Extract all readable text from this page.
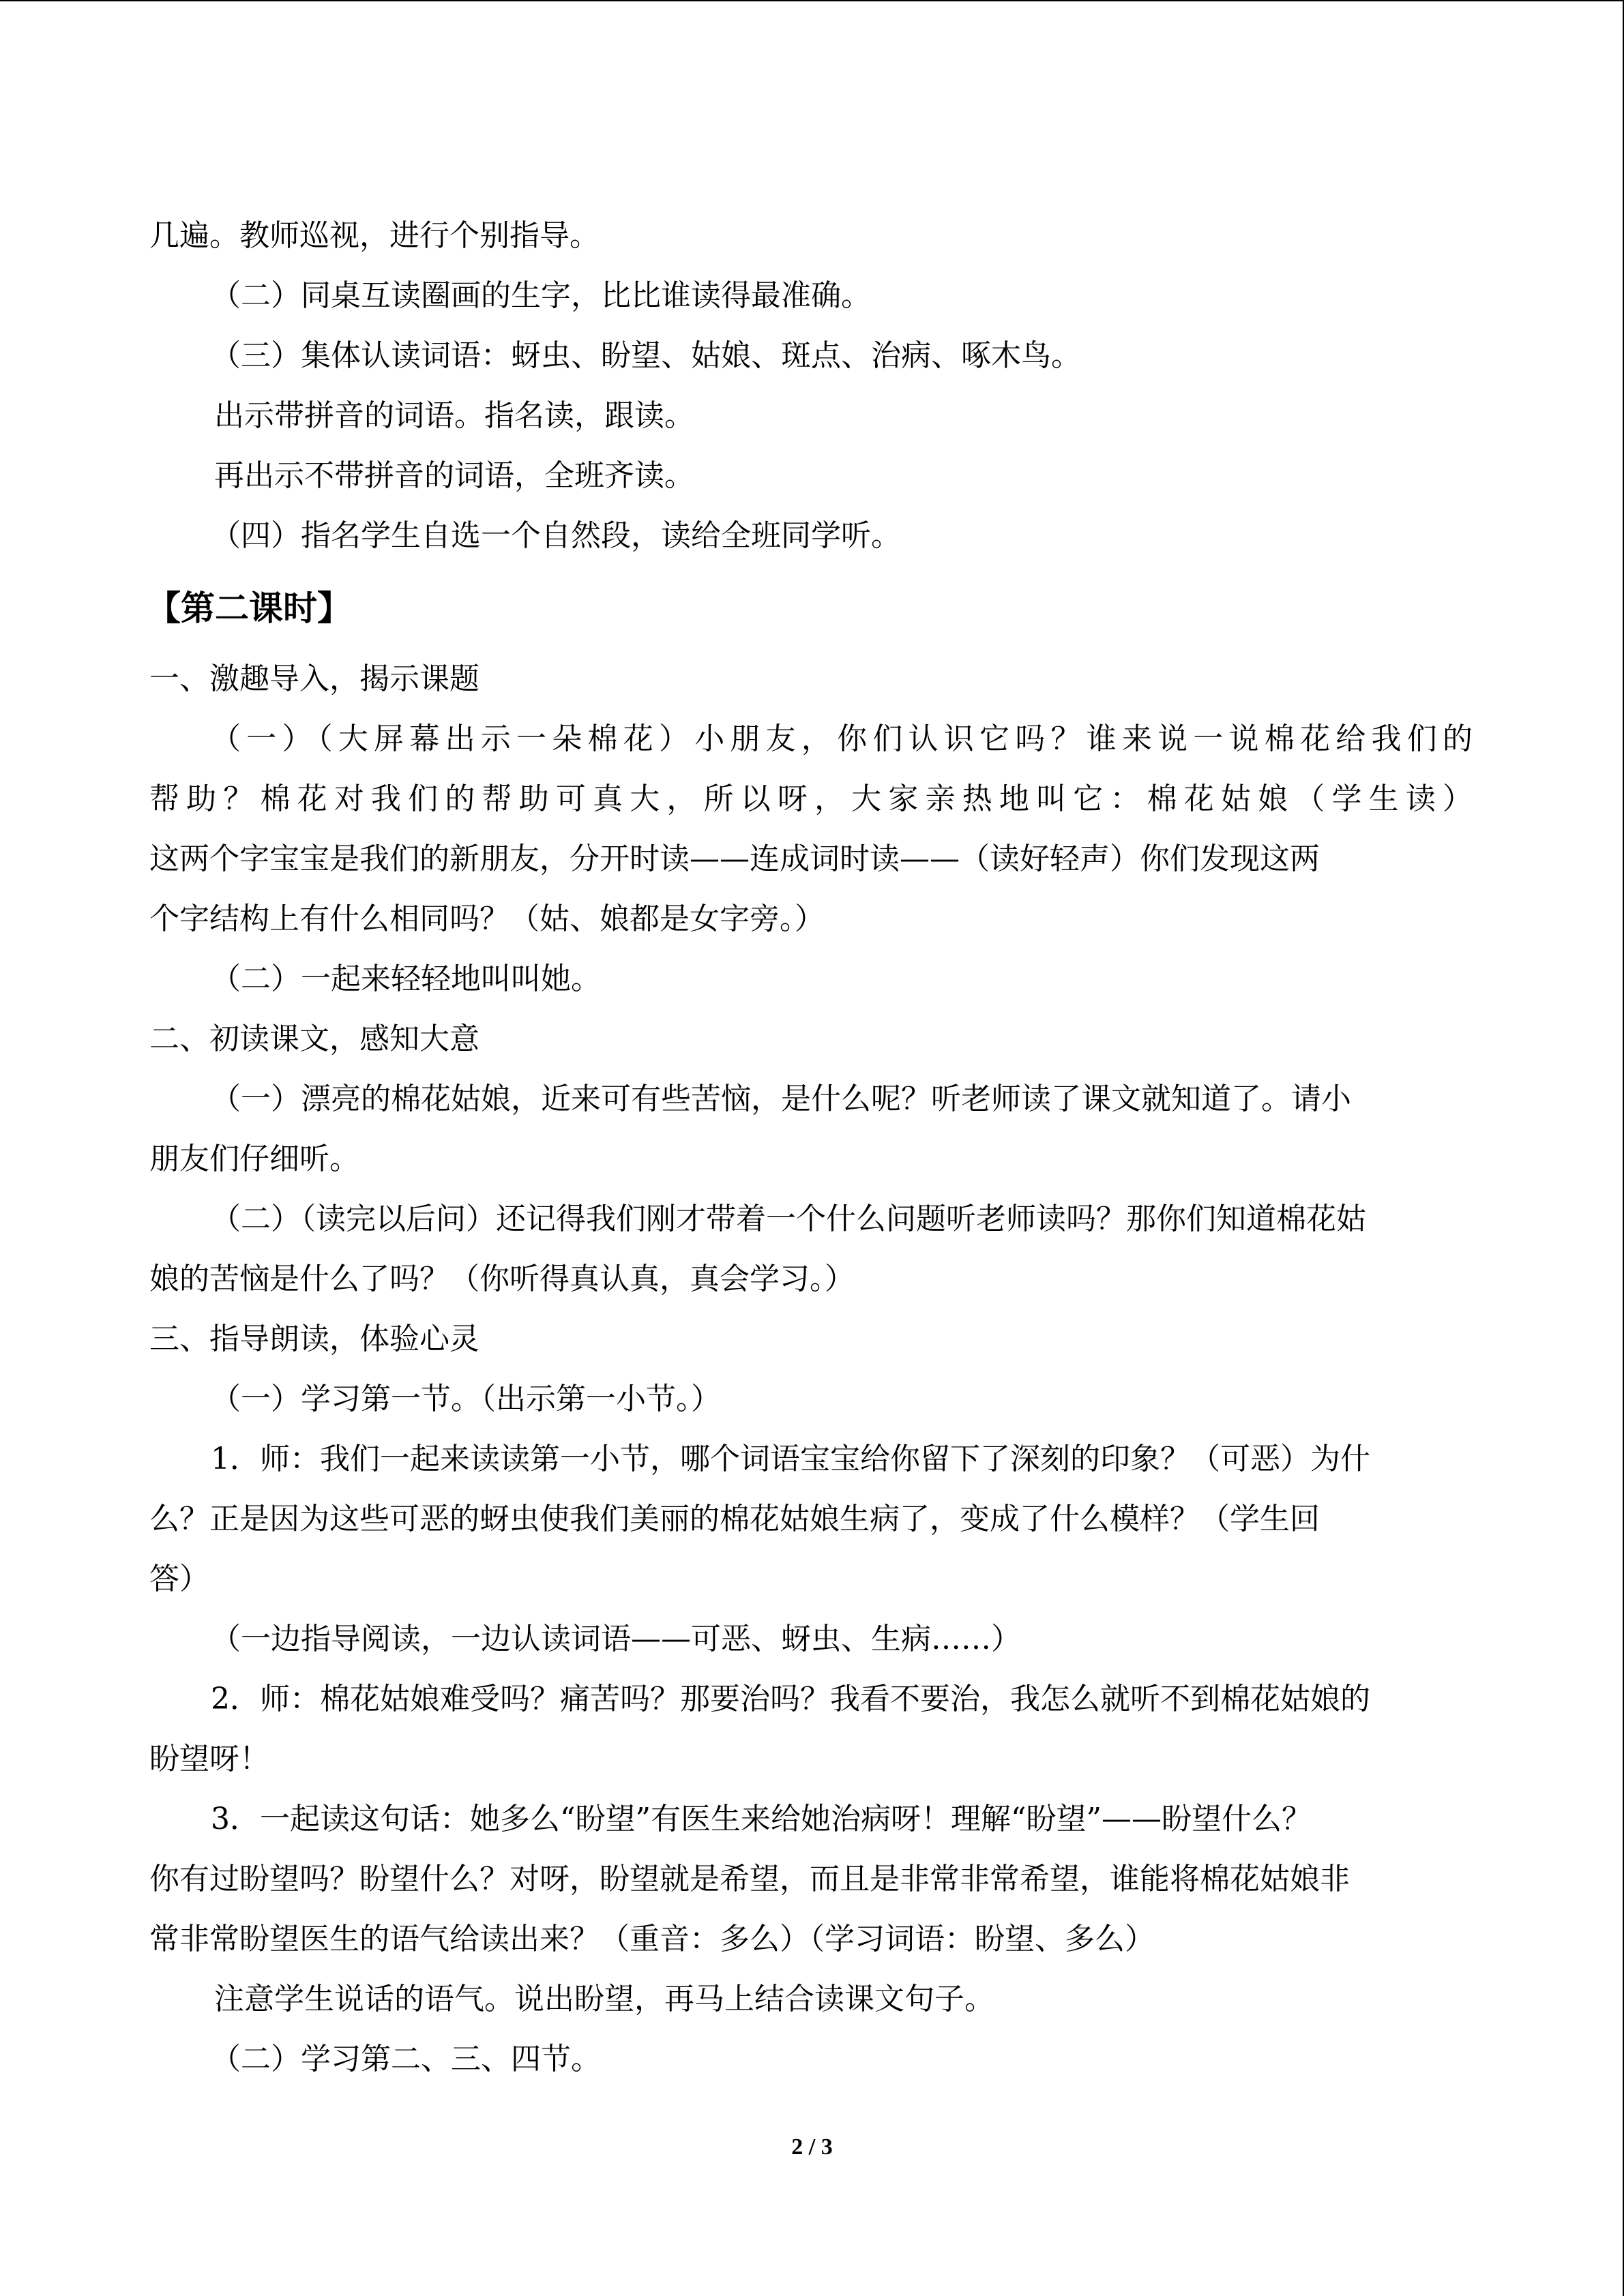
几遍。教师巡视，进行个别指导。

（二）同桌互读圈画的生字，比比谁读得最准确。

（三）集体认读词语：蚜虫、盼望、姑娘、斑点、治病、啄木鸟。

出示带拼音的词语。指名读，跟读。

再出示不带拼音的词语，全班齐读。

（四）指名学生自选一个自然段，读给全班同学听。

【第二课时】

一、激趣导入，揭示课题

（一）（大屏幕出示一朵棉花）小朋友，你们认识它吗？谁来说一说棉花给我们的

帮助？棉花对我们的帮助可真大，所以呀，大家亲热地叫它：棉花姑娘（学生读）

这两个字宝宝是我们的新朋友，分开时读——连成词时读——（读好轻声）你们发现这两

个字结构上有什么相同吗？（姑、娘都是女字旁。）

（二）一起来轻轻地叫叫她。

二、初读课文，感知大意

（一）漂亮的棉花姑娘，近来可有些苦恼，是什么呢？听老师读了课文就知道了。请小

朋友们仔细听。

（二）（读完以后问）还记得我们刚才带着一个什么问题听老师读吗？那你们知道棉花姑

娘的苦恼是什么了吗？（你听得真认真，真会学习。）

三、指导朗读，体验心灵

（一）学习第一节。（出示第一小节。）

1．师：我们一起来读读第一小节，哪个词语宝宝给你留下了深刻的印象？（可恶）为什

么？正是因为这些可恶的蚜虫使我们美丽的棉花姑娘生病了，变成了什么模样？（学生回

答）

（一边指导阅读，一边认读词语——可恶、蚜虫、生病……）

2．师：棉花姑娘难受吗？痛苦吗？那要治吗？我看不要治，我怎么就听不到棉花姑娘的

盼望呀！

3．一起读这句话：她多么“盼望”有医生来给她治病呀！理解“盼望”——盼望什么？

你有过盼望吗？盼望什么？对呀，盼望就是希望，而且是非常非常希望，谁能将棉花姑娘非

常非常盼望医生的语气给读出来？（重音：多么）（学习词语：盼望、多么）

注意学生说话的语气。说出盼望，再马上结合读课文句子。

（二）学习第二、三、四节。

2 / 3
